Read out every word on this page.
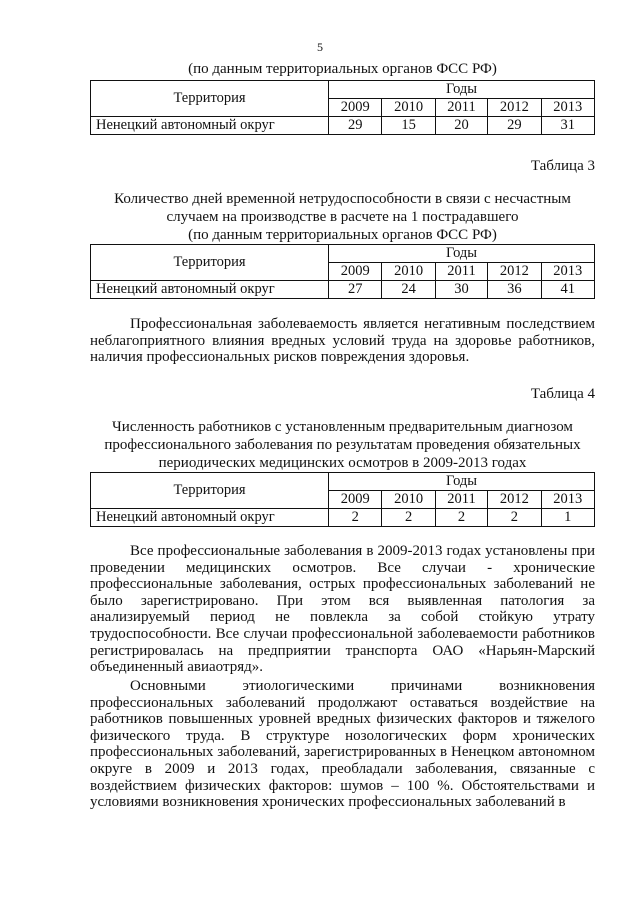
5
(по данным территориальных органов ФСС РФ)
Территория	Годы				
	2009	2010	2011	2012	2013
Ненецкий автономный округ	29	15	20	29	31
Таблица 3
Количество дней временной нетрудоспособности в связи с несчастным
случаем на производстве в расчете на 1 пострадавшего
(по данным территориальных органов ФСС РФ)
Территория	Годы				
	2009	2010	2011	2012	2013
Ненецкий автономный округ	27	24	30	36	41

Профессиональная заболеваемость является негативным последствием неблагоприятного влияния вредных условий труда на здоровье работников, наличия профессиональных рисков повреждения здоровья.

Таблица 4
Численность работников с установленным предварительным диагнозом
профессионального заболевания по результатам проведения обязательных
периодических медицинских осмотров в 2009-2013 годах
Территория	Годы				
	2009	2010	2011	2012	2013
Ненецкий автономный округ	2	2	2	2	1

Все профессиональные заболевания в 2009-2013 годах установлены при проведении медицинских осмотров. Все случаи - хронические профессиональные заболевания, острых профессиональных заболеваний не было зарегистрировано. При этом вся выявленная патология за анализируемый период не повлекла за собой стойкую утрату трудоспособности. Все случаи профессиональной заболеваемости работников регистрировалась на предприятии транспорта ОАО «Нарьян-Марский объединенный авиаотряд».

Основными этиологическими причинами возникновения профессиональных заболеваний продолжают оставаться воздействие на работников повышенных уровней вредных физических факторов и тяжелого физического труда. В структуре нозологических форм хронических профессиональных заболеваний, зарегистрированных в Ненецком автономном округе в 2009 и 2013 годах, преобладали заболевания, связанные с воздействием физических факторов: шумов – 100 %. Обстоятельствами и условиями возникновения хронических профессиональных заболеваний в
